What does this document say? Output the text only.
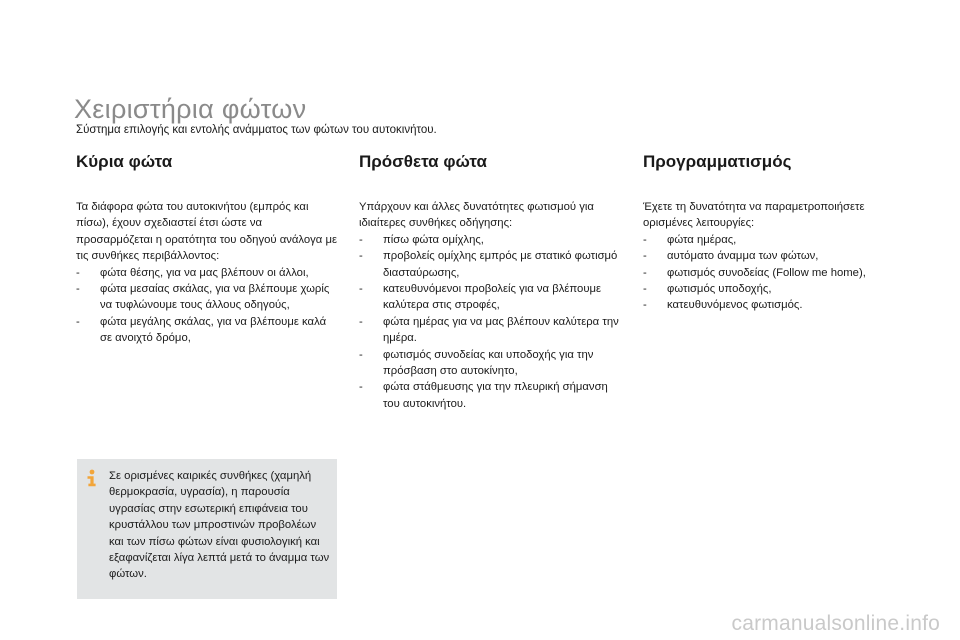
Χειριστήρια φώτων
Σύστημα επιλογής και εντολής ανάμματος των φώτων του αυτοκινήτου.
Κύρια φώτα

Τα διάφορα φώτα του αυτοκινήτου (εμπρός και πίσω), έχουν σχεδιαστεί έτσι ώστε να προσαρμόζεται η ορατότητα του οδηγού ανάλογα με τις συνθήκες περιβάλλοντος:

- φώτα θέσης, για να μας βλέπουν οι άλλοι,
- φώτα μεσαίας σκάλας, για να βλέπουμε χωρίς να τυφλώνουμε τους άλλους οδηγούς,
- φώτα μεγάλης σκάλας, για να βλέπουμε καλά σε ανοιχτό δρόμο,
Πρόσθετα φώτα

Υπάρχουν και άλλες δυνατότητες φωτισμού για ιδιαίτερες συνθήκες οδήγησης:

- πίσω φώτα ομίχλης,
- προβολείς ομίχλης εμπρός με στατικό φωτισμό διασταύρωσης,
- κατευθυνόμενοι προβολείς για να βλέπουμε καλύτερα στις στροφές,
- φώτα ημέρας για να μας βλέπουν καλύτερα την ημέρα.
- φωτισμός συνοδείας και υποδοχής για την πρόσβαση στο αυτοκίνητο,
- φώτα στάθμευσης για την πλευρική σήμανση του αυτοκινήτου.
Προγραμματισμός

Έχετε τη δυνατότητα να παραμετροποιήσετε ορισμένες λειτουργίες:

- φώτα ημέρας,
- αυτόματο άναμμα των φώτων,
- φωτισμός συνοδείας (Follow me home),
- φωτισμός υποδοχής,
- κατευθυνόμενος φωτισμός.
Σε ορισμένες καιρικές συνθήκες (χαμηλή θερμοκρασία, υγρασία), η παρουσία υγρασίας στην εσωτερική επιφάνεια του κρυστάλλου των μπροστινών προβολέων και των πίσω φώτων είναι φυσιολογική και εξαφανίζεται λίγα λεπτά μετά το άναμμα των φώτων.
carmanualsonline.info
